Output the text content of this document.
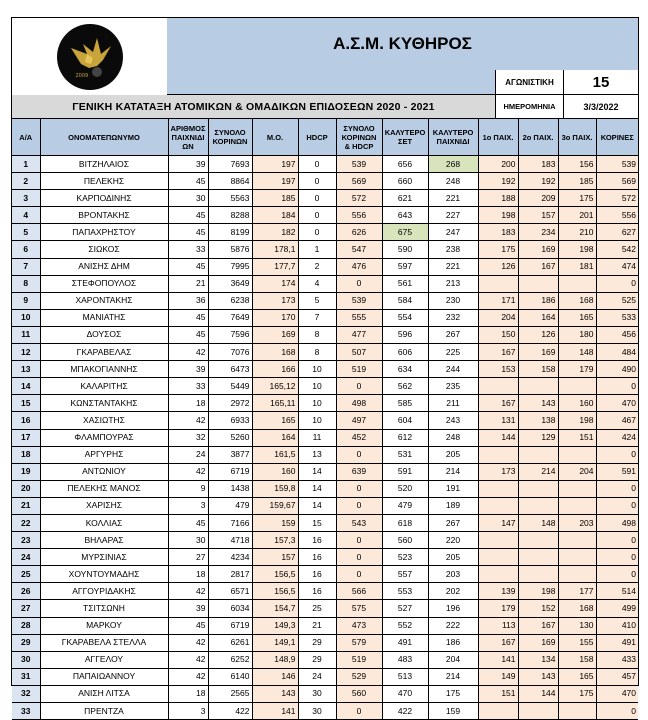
2009
Α.Σ.Μ. ΚΥΘΗΡΟΣ
ΑΓΩΝΙΣΤΙΚΗ	15
ΓΕΝΙΚΗ ΚΑΤΑΤΑΞΗ ΑΤΟΜΙΚΩΝ & ΟΜΑΔΙΚΩΝ ΕΠΙΔΟΣΕΩΝ 2020 - 2021	ΗΜΕΡΟΜΗΝΙΑ	3/3/2022
Α/Α	ΟΝΟΜΑΤΕΠΩΝΥΜΟ	ΑΡΙΘΜΟΣ ΠΑΙΧΝΙΔΙ ΩΝ	ΣΥΝΟΛΟ ΚΟΡΙΝΩΝ	Μ.Ο.	HDCP	ΣΥΝΟΛΟ ΚΟΡΙΝΩΝ & HDCP	ΚΑΛΥΤΕΡΟ ΣΕΤ	ΚΑΛΥΤΕΡΟ ΠΑΙΧΝΙΔΙ	1ο ΠΑΙΧ.	2ο ΠΑΙΧ.	3ο ΠΑΙΧ.	ΚΟΡΙΝΕΣ
1	ΒΙΤΖΗΛΑΙΟΣ	39	7693	197	0	539	656	268	200	183	156	539
2	ΠΕΛΕΚΗΣ	45	8864	197	0	569	660	248	192	192	185	569
3	ΚΑΡΠΟΔΙΝΗΣ	30	5563	185	0	572	621	221	188	209	175	572
4	ΒΡΟΝΤΑΚΗΣ	45	8288	184	0	556	643	227	198	157	201	556
5	ΠΑΠΑΧΡΗΣΤΟΥ	45	8199	182	0	626	675	247	183	234	210	627
6	ΣΙΩΚΟΣ	33	5876	178,1	1	547	590	238	175	169	198	542
7	ΑΝΙΣΗΣ ΔΗΜ	45	7995	177,7	2	476	597	221	126	167	181	474
8	ΣΤΕΦΟΠΟΥΛΟΣ	21	3649	174	4	0	561	213				0
9	ΧΑΡΟΝΤΑΚΗΣ	36	6238	173	5	539	584	230	171	186	168	525
10	ΜΑΝΙΑΤΗΣ	45	7649	170	7	555	554	232	204	164	165	533
11	ΔΟΥΣΟΣ	45	7596	169	8	477	596	267	150	126	180	456
12	ΓΚΑΡΑΒΕΛΑΣ	42	7076	168	8	507	606	225	167	169	148	484
13	ΜΠΑΚΟΓΙΑΝΝΗΣ	39	6473	166	10	519	634	244	153	158	179	490
14	ΚΑΛΑΡΙΤΗΣ	33	5449	165,12	10	0	562	235				0
15	ΚΩΝΣΤΑΝΤΑΚΗΣ	18	2972	165,11	10	498	585	211	167	143	160	470
16	ΧΑΣΙΩΤΗΣ	42	6933	165	10	497	604	243	131	138	198	467
17	ΦΛΑΜΠΟΥΡΑΣ	32	5260	164	11	452	612	248	144	129	151	424
18	ΑΡΓΥΡΗΣ	24	3877	161,5	13	0	531	205				0
19	ΑΝΤΩΝΙΟΥ	42	6719	160	14	639	591	214	173	214	204	591
20	ΠΕΛΕΚΗΣ ΜΑΝΟΣ	9	1438	159,8	14	0	520	191				0
21	ΧΑΡΙΣΗΣ	3	479	159,67	14	0	479	189				0
22	ΚΟΛΛΙΑΣ	45	7166	159	15	543	618	267	147	148	203	498
23	ΒΗΛΑΡΑΣ	30	4718	157,3	16	0	560	220				0
24	ΜΥΡΣΙΝΙΑΣ	27	4234	157	16	0	523	205				0
25	ΧΟΥΝΤΟΥΜΑΔΗΣ	18	2817	156,5	16	0	557	203				0
26	ΑΓΓΟΥΡΙΔΑΚΗΣ	42	6571	156,5	16	566	553	202	139	198	177	514
27	ΤΣΙΤΣΩΝΗ	39	6034	154,7	25	575	527	196	179	152	168	499
28	ΜΑΡΚΟΥ	45	6719	149,3	21	473	552	222	113	167	130	410
29	ΓΚΑΡΑΒΕΛΑ ΣΤΕΛΛΑ	42	6261	149,1	29	579	491	186	167	169	155	491
30	ΑΓΓΕΛΟΥ	42	6252	148,9	29	519	483	204	141	134	158	433
31	ΠΑΠΑΙΩΑΝΝΟΥ	42	6140	146	24	529	513	214	149	143	165	457
32	ΑΝΙΣΗ ΛΙΤΣΑ	18	2565	143	30	560	470	175	151	144	175	470
33	ΠΡΕΝΤΖΑ	3	422	141	30	0	422	159				0
